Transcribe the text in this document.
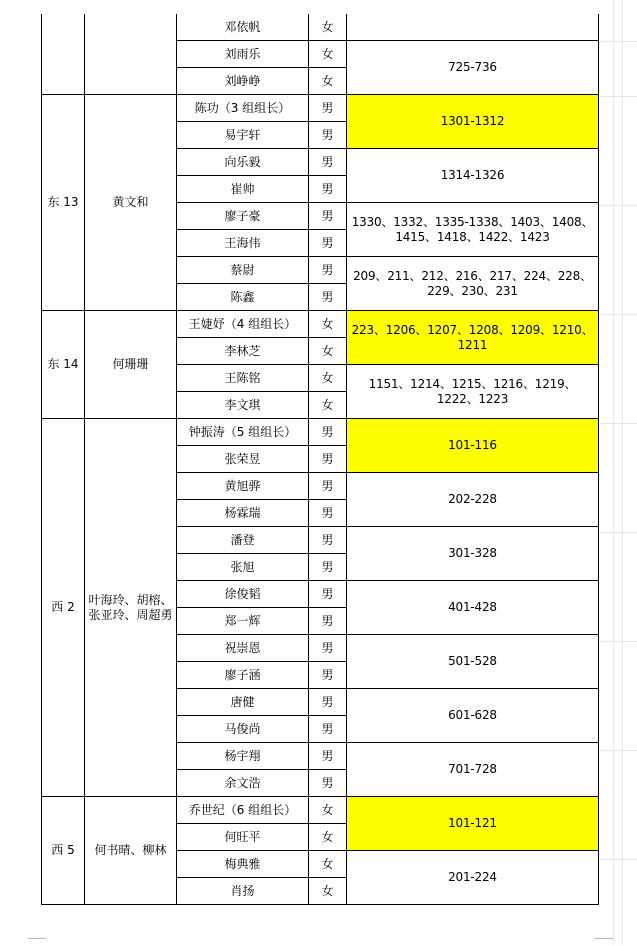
		邓依帆	女	
		刘雨乐	女	725-736
		刘峥峥	女	
东 13	黄文和	陈功（3 组组长）	男	1301-1312
		易宇轩	男	
		向乐毅	男	1314-1326
		崔帅	男	
		廖子豪	男	1330、1332、1335-1338、1403、1408、1415、1418、1422、1423
		王海伟	男	
		蔡尉	男	209、211、212、216、217、224、228、229、230、231
		陈鑫	男	
东 14	何珊珊	王婕妤（4 组组长）	女	223、1206、1207、1208、1209、1210、1211
		李林芝	女	
		王陈铭	女	1151、1214、1215、1216、1219、1222、1223
		李文琪	女	
西 2	叶海玲、胡榕、张亚玲、周超勇	钟振涛（5 组组长）	男	101-116
		张荣昱	男	
		黄旭骅	男	202-228
		杨霖瑞	男	
		潘登	男	301-328
		张旭	男	
		徐俊韬	男	401-428
		郑一辉	男	
		祝崇恩	男	501-528
		廖子涵	男	
		唐健	男	601-628
		马俊尚	男	
		杨宇翔	男	701-728
		余文浩	男	
西 5	何书晴、柳林	乔世纪（6 组组长）	女	101-121
		何旺平	女	
		梅典雅	女	201-224
		肖扬	女	
